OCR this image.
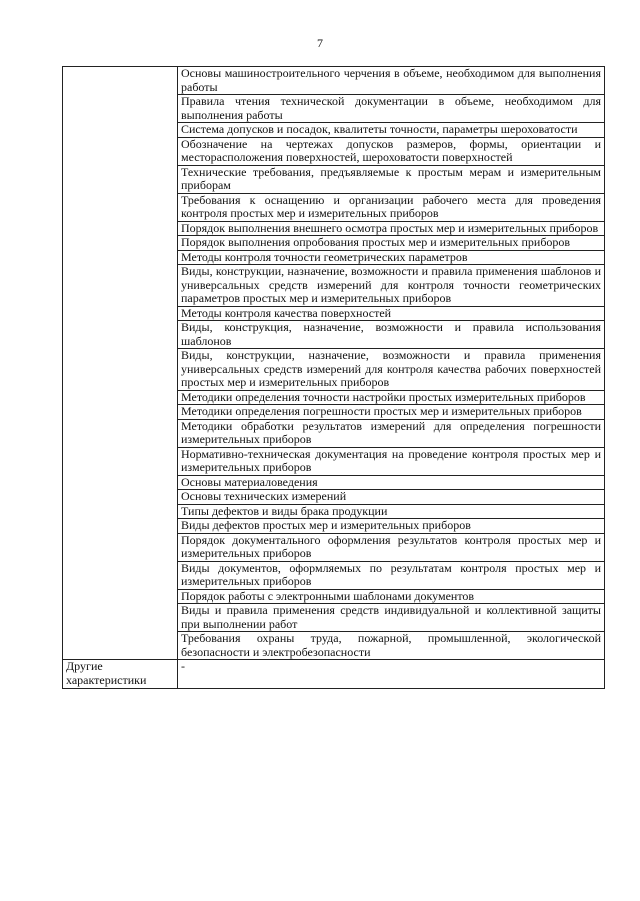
7
	Основы машиностроительного черчения в объеме, необходимом для выполнения работы
	Правила чтения технической документации в объеме, необходимом для выполнения работы
	Система допусков и посадок, квалитеты точности, параметры шероховатости
	Обозначение на чертежах допусков размеров, формы, ориентации и месторасположения поверхностей, шероховатости поверхностей
	Технические требования, предъявляемые к простым мерам и измерительным приборам
	Требования к оснащению и организации рабочего места для проведения контроля простых мер и измерительных приборов
	Порядок выполнения внешнего осмотра простых мер и измерительных приборов
	Порядок выполнения опробования простых мер и измерительных приборов
	Методы контроля точности геометрических параметров
	Виды, конструкции, назначение, возможности и правила применения шаблонов и универсальных средств измерений для контроля точности геометрических параметров простых мер и измерительных приборов
	Методы контроля качества поверхностей
	Виды, конструкция, назначение, возможности и правила использования шаблонов
	Виды, конструкции, назначение, возможности и правила применения универсальных средств измерений для контроля качества рабочих поверхностей простых мер и измерительных приборов
	Методики определения точности настройки простых измерительных приборов
	Методики определения погрешности простых мер и измерительных приборов
	Методики обработки результатов измерений для определения погрешности измерительных приборов
	Нормативно-техническая документация на проведение контроля простых мер и измерительных приборов
	Основы материаловедения
	Основы технических измерений
	Типы дефектов и виды брака продукции
	Виды дефектов простых мер и измерительных приборов
	Порядок документального оформления результатов контроля простых мер и измерительных приборов
	Виды документов, оформляемых по результатам контроля простых мер и измерительных приборов
	Порядок работы с электронными шаблонами документов
	Виды и правила применения средств индивидуальной и коллективной защиты при выполнении работ
	Требования охраны труда, пожарной, промышленной, экологической безопасности и электробезопасности
Другие характеристики	-
